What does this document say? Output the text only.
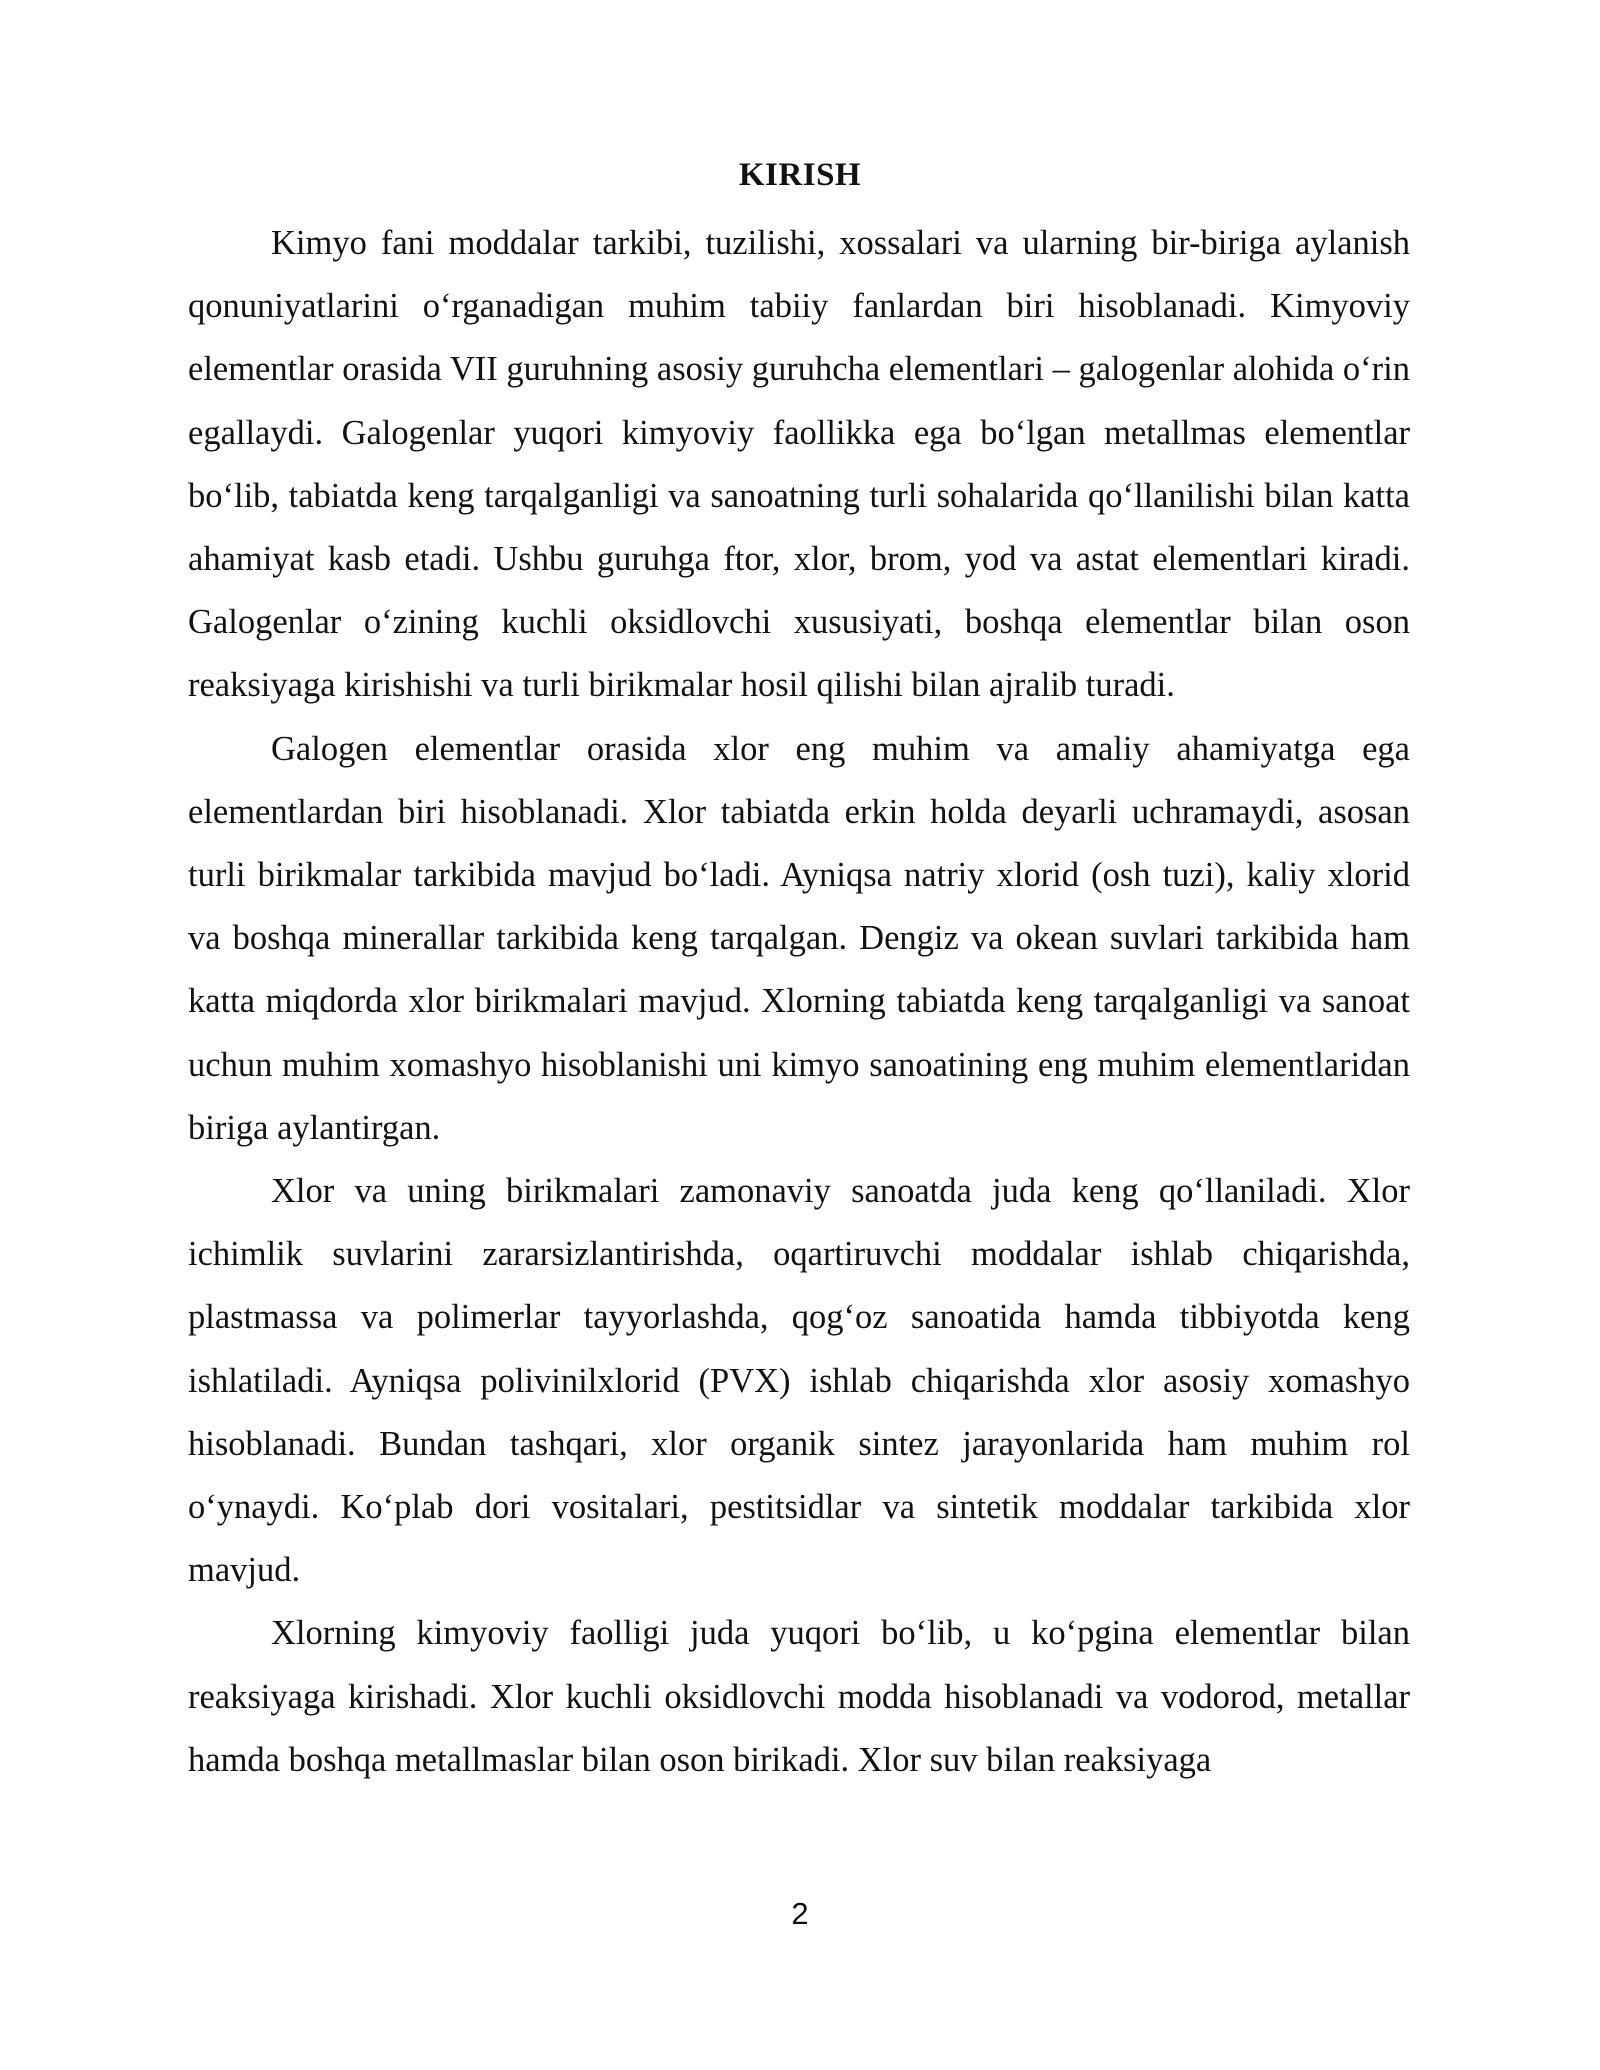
KIRISH

Kimyo fani moddalar tarkibi, tuzilishi, xossalari va ularning bir-biriga aylanish qonuniyatlarini o‘rganadigan muhim tabiiy fanlardan biri hisoblanadi. Kimyoviy elementlar orasida VII guruhning asosiy guruhcha elementlari – galogenlar alohida o‘rin egallaydi. Galogenlar yuqori kimyoviy faollikka ega bo‘lgan metallmas elementlar bo‘lib, tabiatda keng tarqalganligi va sanoatning turli sohalarida qo‘llanilishi bilan katta ahamiyat kasb etadi. Ushbu guruhga ftor, xlor, brom, yod va astat elementlari kiradi. Galogenlar o‘zining kuchli oksidlovchi xususiyati, boshqa elementlar bilan oson reaksiyaga kirishishi va turli birikmalar hosil qilishi bilan ajralib turadi.

Galogen elementlar orasida xlor eng muhim va amaliy ahamiyatga ega elementlardan biri hisoblanadi. Xlor tabiatda erkin holda deyarli uchramaydi, asosan turli birikmalar tarkibida mavjud bo‘ladi. Ayniqsa natriy xlorid (osh tuzi), kaliy xlorid va boshqa minerallar tarkibida keng tarqalgan. Dengiz va okean suvlari tarkibida ham katta miqdorda xlor birikmalari mavjud. Xlorning tabiatda keng tarqalganligi va sanoat uchun muhim xomashyo hisoblanishi uni kimyo sanoatining eng muhim elementlaridan biriga aylantirgan.

Xlor va uning birikmalari zamonaviy sanoatda juda keng qo‘llaniladi. Xlor ichimlik suvlarini zararsizlantirishda, oqartiruvchi moddalar ishlab chiqarishda, plastmassa va polimerlar tayyorlashda, qog‘oz sanoatida hamda tibbiyotda keng ishlatiladi. Ayniqsa polivinilxlorid (PVX) ishlab chiqarishda xlor asosiy xomashyo hisoblanadi. Bundan tashqari, xlor organik sintez jarayonlarida ham muhim rol o‘ynaydi. Ko‘plab dori vositalari, pestitsidlar va sintetik moddalar tarkibida xlor mavjud.

Xlorning kimyoviy faolligi juda yuqori bo‘lib, u ko‘pgina elementlar bilan reaksiyaga kirishadi. Xlor kuchli oksidlovchi modda hisoblanadi va vodorod, metallar hamda boshqa metallmaslar bilan oson birikadi. Xlor suv bilan reaksiyaga

2
